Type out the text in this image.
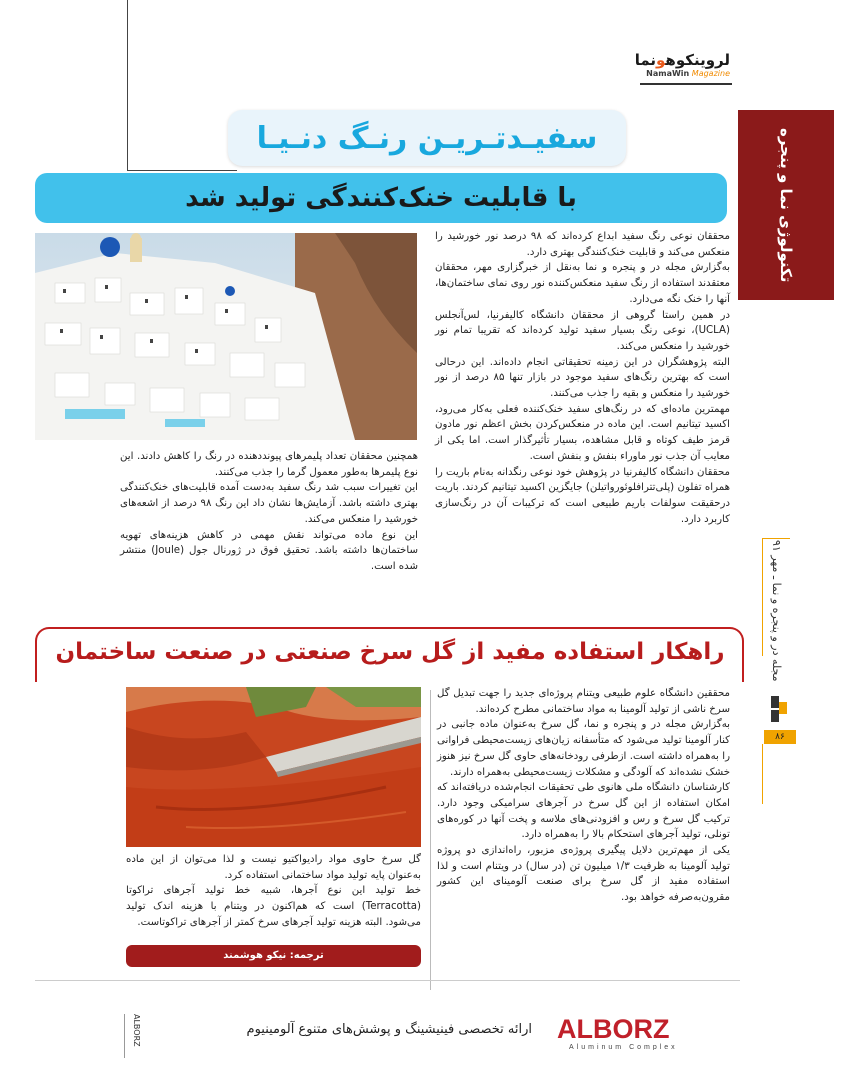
لروینکوهونما
NamaWin Magazine
تکنولوژی نما و پنجره
مجله در و پنجره و نما ـ مهر ۹۱
۸۶
سفیـدتـریـن رنـگ دنـیـا
با قابلیت خنک‌کنندگی تولید شد

محققان نوعی رنگ سفید ابداع کرده‌اند که ۹۸ درصد نور خورشید را منعکس می‌کند و قابلیت خنک‌کنندگی بهتری دارد.

به‌گزارش مجله در و پنجره و نما به‌نقل از خبرگزاری مهر، محققان معتقدند استفاده از رنگ سفید منعکس‌کننده نور روی نمای ساختمان‌ها، آنها را خنک نگه می‌دارد.

در همین راستا گروهی از محققان دانشگاه کالیفرنیا، لس‌آنجلس (UCLA)، نوعی رنگ بسیار سفید تولید کرده‌اند که تقریبا تمام نور خورشید را منعکس می‌کند.

البته پژوهشگران در این زمینه تحقیقاتی انجام داده‌اند. این درحالی است که بهترین رنگ‌های سفید موجود در بازار تنها ۸۵ درصد از نور خورشید را منعکس و بقیه را جذب می‌کنند.

مهمترین ماده‌ای که در رنگ‌های سفید خنک‌کننده فعلی به‌کار می‌رود، اکسید تیتانیم است. این ماده در منعکس‌کردن بخش اعظم نور مادون قرمز طیف کوتاه و قابل مشاهده، بسیار تأثیرگذار است. اما یکی از معایب آن جذب نور ماوراء بنفش و بنفش است.

محققان دانشگاه کالیفرنیا در پژوهش خود نوعی رنگدانه به‌نام باریت را همراه تفلون (پلی‌تترافلوئورواتیلن) جایگزین اکسید تیتانیم کردند. باریت درحقیقت سولفات باریم طبیعی است که ترکیبات آن در رنگ‌سازی کاربرد دارد.

همچنین محققان تعداد پلیمرهای پیونددهنده در رنگ را کاهش دادند. این نوع پلیمرها به‌طور معمول گرما را جذب می‌کنند.

این تغییرات سبب شد رنگ سفید به‌دست آمده قابلیت‌های خنک‌کنندگی بهتری داشته باشد. آزمایش‌ها نشان داد این رنگ ۹۸ درصد از اشعه‌های خورشید را منعکس می‌کند.

این نوع ماده می‌تواند نقش مهمی در کاهش هزینه‌های تهویه ساختمان‌ها داشته باشد. تحقیق فوق در ژورنال جول (Joule) منتشر شده است.

راهکار استفاده مفید از گل سرخ صنعتی در صنعت ساختمان

محققین دانشگاه علوم طبیعی ویتنام پروژه‌ای جدید را جهت تبدیل گل سرخ ناشی از تولید آلومینا به مواد ساختمانی مطرح کرده‌اند.

به‌گزارش مجله در و پنجره و نما، گل سرخ به‌عنوان ماده جانبی در کنار آلومینا تولید می‌شود که متأسفانه زیان‌های زیست‌محیطی فراوانی را به‌همراه داشته است. ازطرفی رودخانه‌های حاوی گل سرخ نیز هنوز خشک نشده‌اند که آلودگی و مشکلات زیست‌محیطی به‌همراه دارند.

کارشناسان دانشگاه ملی هانوی طی تحقیقات انجام‌شده دریافته‌اند که امکان استفاده از این گل سرخ در آجرهای سرامیکی وجود دارد. ترکیب گل سرخ و رس و افزودنی‌های ملاسه و پخت آنها در کوره‌های تونلی، تولید آجرهای استحکام بالا را به‌همراه دارد.

یکی از مهم‌ترین دلایل پیگیری پروژه‌ی مزبور، راه‌اندازی دو پروژه تولید آلومینا به ظرفیت ۱/۳ میلیون تن (در سال) در ویتنام است و لذا استفاده مفید از گل سرخ برای صنعت آلومینای این کشور مقرون‌به‌صرفه خواهد بود.

گل سرخ حاوی مواد رادیواکتیو نیست و لذا می‌توان از این ماده به‌عنوان پایه تولید مواد ساختمانی استفاده کرد.

خط تولید این نوع آجرها، شبیه خط تولید آجرهای تراکوتا (Terracotta) است که هم‌اکنون در ویتنام با هزینه اندک تولید می‌شود. البته هزینه تولید آجرهای سرخ کمتر از آجرهای تراکوتاست.

ترجمه: نیکو هوشمند
ALBORZ
Aluminum Complex
ارائه تخصصی فینیشینگ و پوشش‌های متنوع آلومینیوم
ALBORZ
